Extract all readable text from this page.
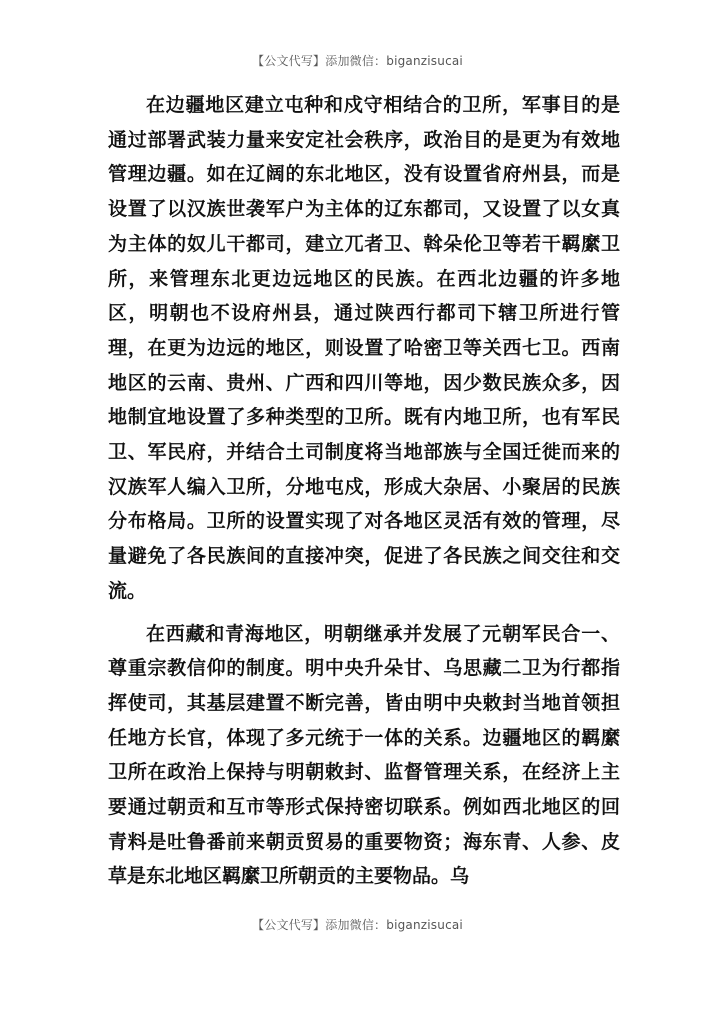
【公文代写】添加微信：biganzisucai

在边疆地区建立屯种和戍守相结合的卫所，军事目的是通过部署武装力量来安定社会秩序，政治目的是更为有效地管理边疆。如在辽阔的东北地区，没有设置省府州县，而是设置了以汉族世袭军户为主体的辽东都司，又设置了以女真为主体的奴儿干都司，建立兀者卫、斡朵伦卫等若干羁縻卫所，来管理东北更边远地区的民族。在西北边疆的许多地区，明朝也不设府州县，通过陕西行都司下辖卫所进行管理，在更为边远的地区，则设置了哈密卫等关西七卫。西南地区的云南、贵州、广西和四川等地，因少数民族众多，因地制宜地设置了多种类型的卫所。既有内地卫所，也有军民卫、军民府，并结合土司制度将当地部族与全国迁徙而来的汉族军人编入卫所，分地屯戍，形成大杂居、小聚居的民族分布格局。卫所的设置实现了对各地区灵活有效的管理，尽量避免了各民族间的直接冲突，促进了各民族之间交往和交流。

在西藏和青海地区，明朝继承并发展了元朝军民合一、尊重宗教信仰的制度。明中央升朵甘、乌思藏二卫为行都指挥使司，其基层建置不断完善，皆由明中央敕封当地首领担任地方长官，体现了多元统于一体的关系。边疆地区的羁縻卫所在政治上保持与明朝敕封、监督管理关系，在经济上主要通过朝贡和互市等形式保持密切联系。例如西北地区的回青料是吐鲁番前来朝贡贸易的重要物资；海东青、人参、皮草是东北地区羁縻卫所朝贡的主要物品。乌

【公文代写】添加微信：biganzisucai
